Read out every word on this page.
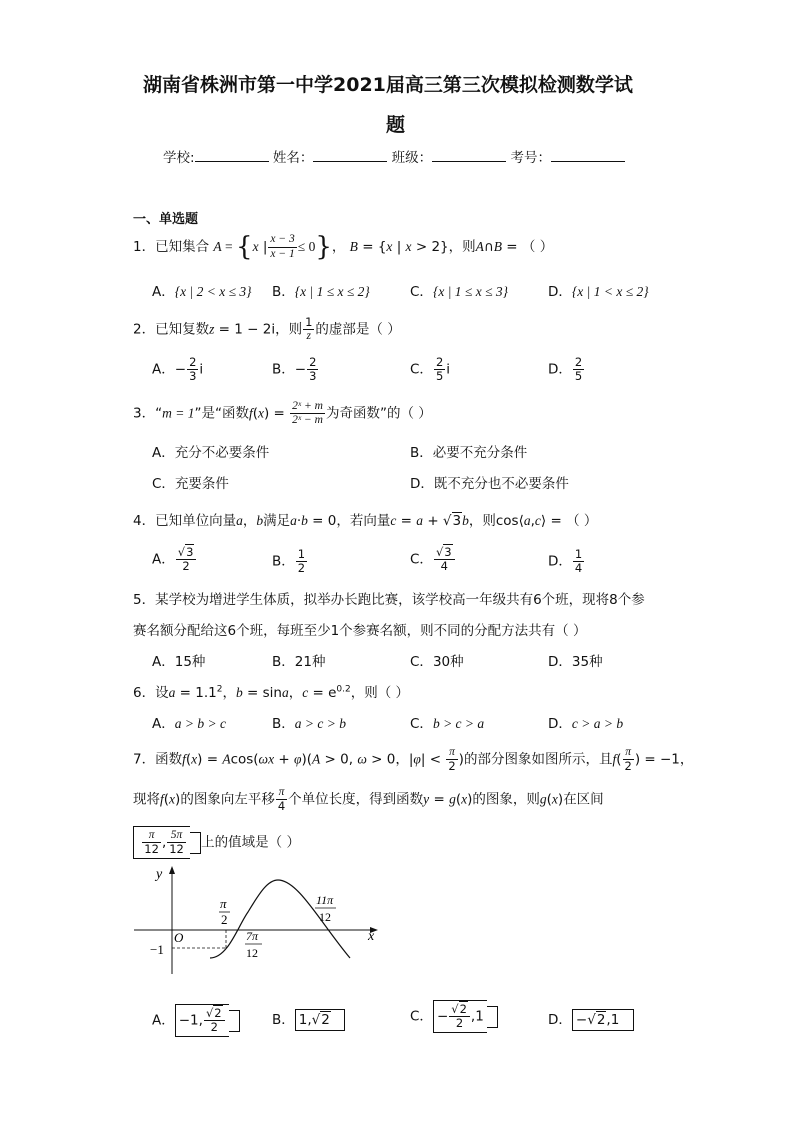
湖南省株洲市第一中学2021届高三第三次模拟检测数学试
题
学校:	姓名：	班级：	考号：
一、单选题
1．已知集合 A = {x | $\frac{x - 3}{x - 1} \le 0$}， B = {x | x > 2}，则A∩B = （ ）
A．{x | 2 < x ≤ 3} B．{x | 1 ≤ x ≤ 2}	C．{x | 1 ≤ x ≤ 3}	D．{x | 1 < x ≤ 2}
2．已知复数z = 1 − 2i，则 $\frac{1}{z}$ 的虚部是（ ）
A．− $\frac{2}{3}$ i	B．− $\frac{2}{3}$	C． $\frac{2}{5}$ i	D． $\frac{2}{5}$
3．“m = 1”是“函数$f(x) = \frac{\text{2ˣ + m}}{\text{2ˣ − m}}$ 为奇函数”的（ ）
A．充分不必要条件	B．必要不充分条件
C．充要条件	D．既不充分也不必要条件
4．已知单位向量a，b满足a·b = 0，若向量c = a + √3b，则cos⟨a,c⟩ = （ ）
A． $\frac{√3}{2}$	B． $\frac{1}{2}$	C． $\frac{√3}{4}$	D． $\frac{1}{4}$
5．某学校为增进学生体质，拟举办长跑比赛，该学校高一年级共有6个班，现将8个参
赛名额分配给这6个班，每班至少1个参赛名额，则不同的分配方法共有（ ）
A．15种	B．21种	C．30种	D．35种
6．设$a = 1.1^2$，b = sina，$c = e^{0.2}$，则（ ）
A．a > b > c	B．a > c > b	C．b > c > a	D．c > a > b
7．函数f(x) = Acos(ωx + φ)(A > 0, ω > 0，$|\varphi| < \frac{\pi}{2}$ )的部分图象如图所示，且$f( \frac{\pi}{2}$ ) = −1，
现将f(x)的图象向左平移 $\frac{\pi}{4}$ 个单位长度，得到函数y = g(x)的图象，则g(x)在区间

$\frac{\pi}{12}$ , $\frac{5\pi}{12}$ 上的值域是（ ）
y
x
O
−1
π
2
7π
12
11π
12
A． −1, $\frac{√2}{2}$
	B． 1,√2	C． − $\frac{√2}{2} ,1$	D． −√2,1
